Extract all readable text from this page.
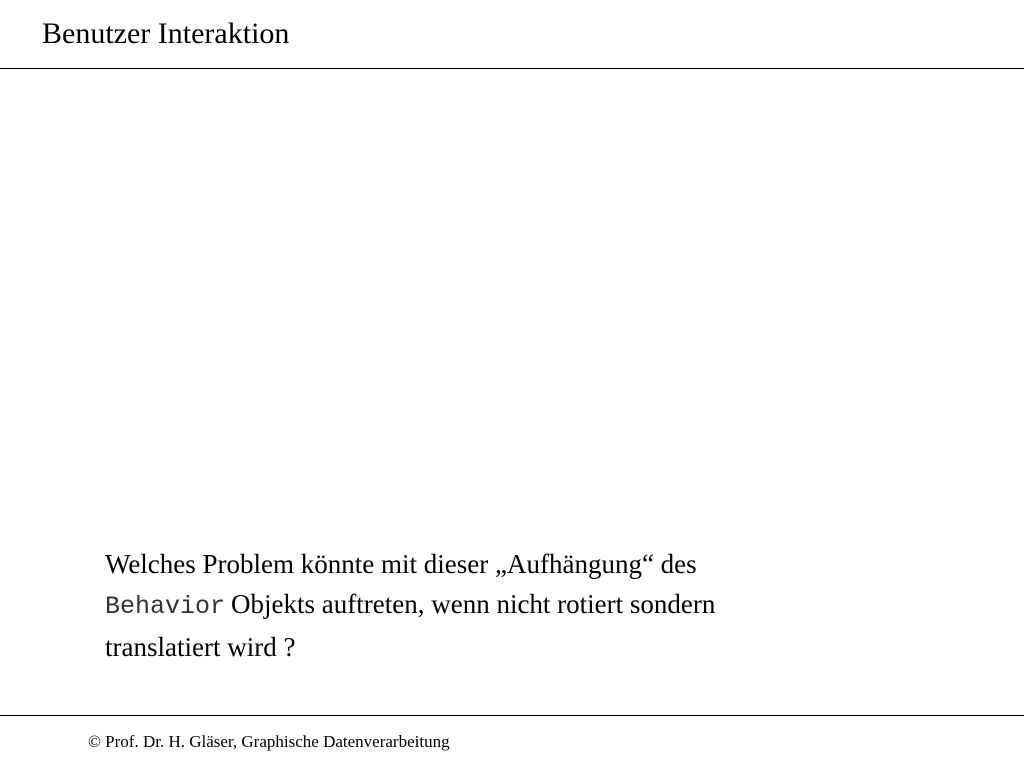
Benutzer Interaktion
Welches Problem könnte mit dieser „Aufhängung“ des
Behavior Objekts auftreten, wenn nicht rotiert sondern
translatiert wird ?
© Prof. Dr. H. Gläser, Graphische Datenverarbeitung
